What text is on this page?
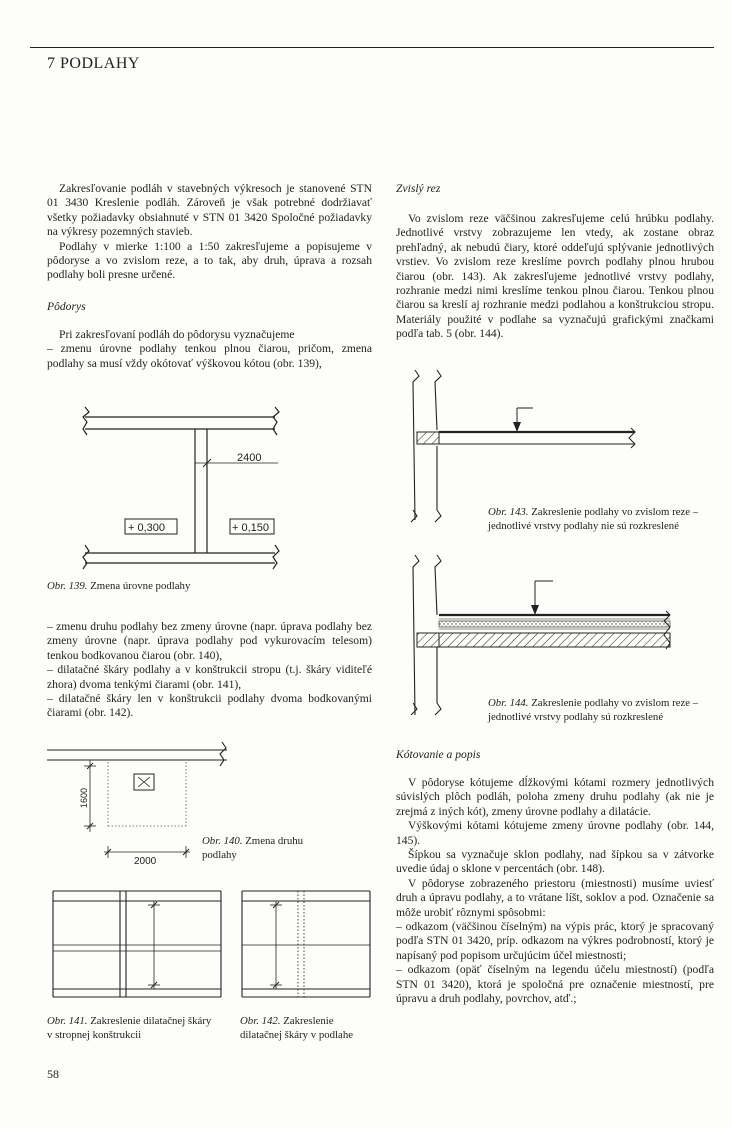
7 PODLAHY

Zakresľovanie podláh v stavebných výkresoch je stanovené STN 01 3430 Kreslenie podláh. Zároveň je však potrebné dodržiavať všetky požiadavky obsiahnuté v STN 01 3420 Spoločné požiadavky na výkresy pozemných stavieb.

Podlahy v mierke 1:100 a 1:50 zakresľujeme a popisujeme v pôdoryse a vo zvislom reze, a to tak, aby druh, úprava a rozsah podlahy boli presne určené.

Pôdorys

Pri zakresľovaní podláh do pôdorysu vyznačujeme

– zmenu úrovne podlahy tenkou plnou čiarou, pričom, zmena podlahy sa musí vždy okótovať výškovou kótou (obr. 139),

2400
+ 0,300	+ 0,150
Obr. 139. Zmena úrovne podlahy

– zmenu druhu podlahy bez zmeny úrovne (napr. úprava podlahy bez zmeny úrovne (napr. úprava podlahy pod vykurovacím telesom) tenkou bodkovanou čiarou (obr. 140),

– dilatačné škáry podlahy a v konštrukcii stropu (t.j. škáry viditeľé zhora) dvoma tenkými čiarami (obr. 141),

– dilatačné škáry len v konštrukcii podlahy dvoma bodkovanými čiarami (obr. 142).

1600
2000
Obr. 140. Zmena druhu podlahy
Obr. 141. Zakreslenie dilatačnej škáry v stropnej konštrukcii
Obr. 142. Zakreslenie dilatačnej škáry v podlahe
Zvislý rez

Vo zvislom reze väčšinou zakresľujeme celú hrúbku podlahy. Jednotlivé vrstvy zobrazujeme len vtedy, ak zostane obraz prehľadný, ak nebudú čiary, ktoré oddeľujú splývanie jednotlivých vrstiev. Vo zvislom reze kreslíme povrch podlahy plnou hrubou čiarou (obr. 143). Ak zakresľujeme jednotlivé vrstvy podlahy, rozhranie medzi nimi kreslíme tenkou plnou čiarou. Tenkou plnou čiarou sa kreslí aj rozhranie medzi podlahou a konštrukciou stropu. Materiály použité v podlahe sa vyznačujú grafickými značkami podľa tab. 5 (obr. 144).

Obr. 143. Zakreslenie podlahy vo zvislom reze – jednotlivé vrstvy podlahy nie sú rozkreslené
Obr. 144. Zakreslenie podlahy vo zvislom reze – jednotlivé vrstvy podlahy sú rozkreslené
Kótovanie a popis

V pôdoryse kótujeme dĺžkovými kótami rozmery jednotlivých súvislých plôch podláh, poloha zmeny druhu podlahy (ak nie je zrejmá z iných kót), zmeny úrovne podlahy a dilatácie.

Výškovými kótami kótujeme zmeny úrovne podlahy (obr. 144, 145).

Šípkou sa vyznačuje sklon podlahy, nad šípkou sa v zátvorke uvedie údaj o sklone v percentách (obr. 148).

V pôdoryse zobrazeného priestoru (miestnosti) musíme uviesť druh a úpravu podlahy, a to vrátane líšt, soklov a pod. Označenie sa môže urobiť rôznymi spôsobmi:

– odkazom (väčšinou číselným) na výpis prác, ktorý je spracovaný podľa STN 01 3420, príp. odkazom na výkres podrobností, ktorý je napísaný pod popisom určujúcim účel miestnosti;

– odkazom (opäť číselným na legendu účelu miestností) (podľa STN 01 3420), ktorá je spoločná pre označenie miestností, pre úpravu a druh podlahy, povrchov, atď.;

58
